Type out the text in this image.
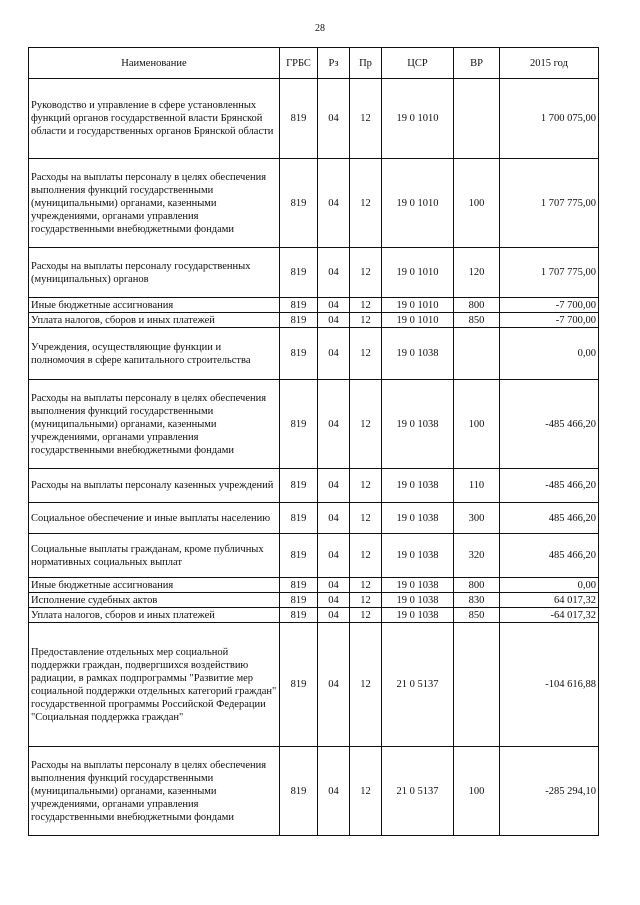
28
Наименование	ГРБС	Рз	Пр	ЦСР	ВР	2015 год
Руководство и управление в сфере установленных функций органов государственной власти Брянской области и государственных органов Брянской области	819	04	12	19 0 1010		1 700 075,00
Расходы на выплаты персоналу в целях обеспечения выполнения функций государственными (муниципальными) органами, казенными учреждениями, органами управления государственными внебюджетными фондами	819	04	12	19 0 1010	100	1 707 775,00
Расходы на выплаты персоналу государственных (муниципальных) органов	819	04	12	19 0 1010	120	1 707 775,00
Иные бюджетные ассигнования	819	04	12	19 0 1010	800	-7 700,00
Уплата налогов, сборов и иных платежей	819	04	12	19 0 1010	850	-7 700,00
Учреждения, осуществляющие функции и полномочия в сфере капитального строительства	819	04	12	19 0 1038		0,00
Расходы на выплаты персоналу в целях обеспечения выполнения функций государственными (муниципальными) органами, казенными учреждениями, органами управления государственными внебюджетными фондами	819	04	12	19 0 1038	100	-485 466,20
Расходы на выплаты персоналу казенных учреждений	819	04	12	19 0 1038	110	-485 466,20
Социальное обеспечение и иные выплаты населению	819	04	12	19 0 1038	300	485 466,20
Социальные выплаты гражданам, кроме публичных нормативных социальных выплат	819	04	12	19 0 1038	320	485 466,20
Иные бюджетные ассигнования	819	04	12	19 0 1038	800	0,00
Исполнение судебных актов	819	04	12	19 0 1038	830	64 017,32
Уплата налогов, сборов и иных платежей	819	04	12	19 0 1038	850	-64 017,32
Предоставление отдельных мер социальной поддержки граждан, подвергшихся воздействию радиации, в рамках подпрограммы "Развитие мер социальной поддержки отдельных категорий граждан" государственной программы Российской Федерации "Социальная поддержка граждан"	819	04	12	21 0 5137		-104 616,88
Расходы на выплаты персоналу в целях обеспечения выполнения функций государственными (муниципальными) органами, казенными учреждениями, органами управления государственными внебюджетными фондами	819	04	12	21 0 5137	100	-285 294,10
